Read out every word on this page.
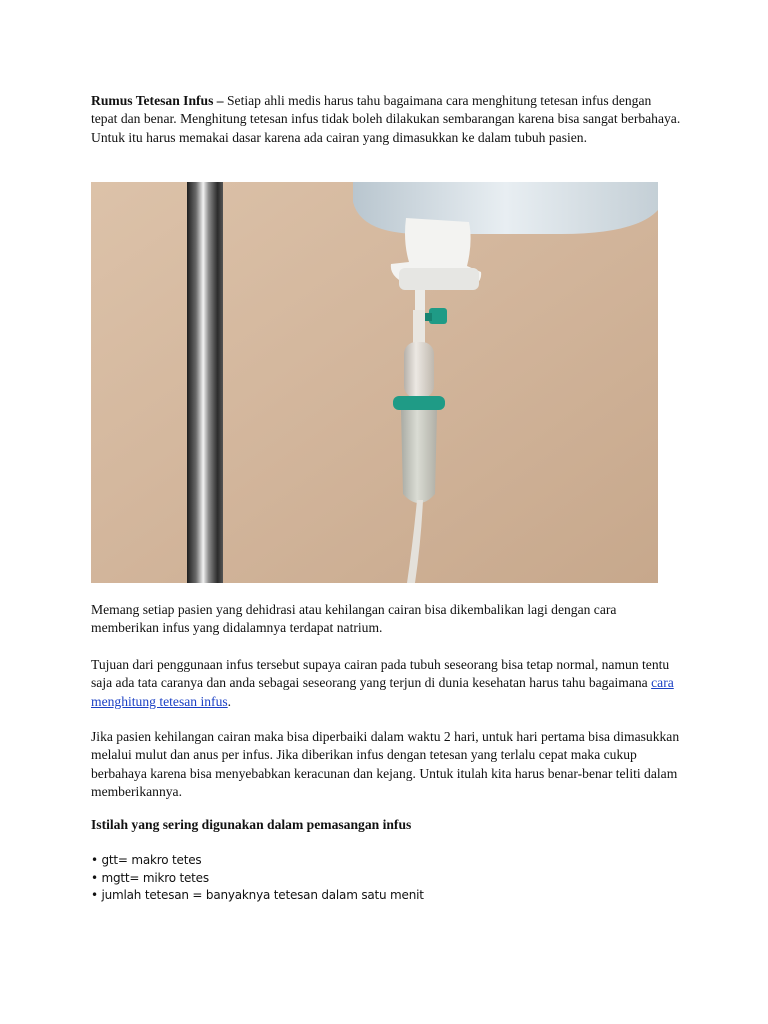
Rumus Tetesan Infus – Setiap ahli medis harus tahu bagaimana cara menghitung tetesan infus dengan tepat dan benar. Menghitung tetesan infus tidak boleh dilakukan sembarangan karena bisa sangat berbahaya. Untuk itu harus memakai dasar karena ada cairan yang dimasukkan ke dalam tubuh pasien.

Memang setiap pasien yang dehidrasi atau kehilangan cairan bisa dikembalikan lagi dengan cara memberikan infus yang didalamnya terdapat natrium.

Tujuan dari penggunaan infus tersebut supaya cairan pada tubuh seseorang bisa tetap normal, namun tentu saja ada tata caranya dan anda sebagai seseorang yang terjun di dunia kesehatan harus tahu bagaimana cara menghitung tetesan infus.

Jika pasien kehilangan cairan maka bisa diperbaiki dalam waktu 2 hari, untuk hari pertama bisa dimasukkan melalui mulut dan anus per infus. Jika diberikan infus dengan tetesan yang terlalu cepat maka cukup berbahaya karena bisa menyebabkan keracunan dan kejang. Untuk itulah kita harus benar-benar teliti dalam memberikannya.

Istilah yang sering digunakan dalam pemasangan infus

• gtt= makro tetes
• mgtt= mikro tetes
• jumlah tetesan = banyaknya tetesan dalam satu menit
